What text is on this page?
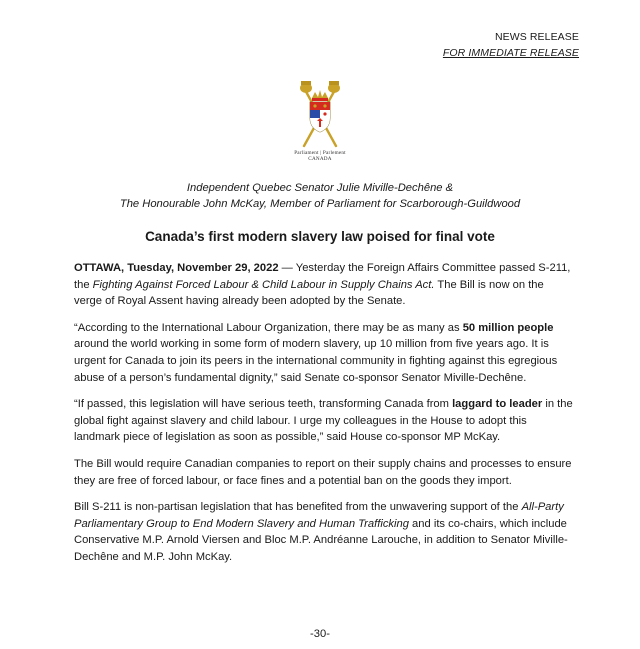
NEWS RELEASE
FOR IMMEDIATE RELEASE
Parliament | Parlement
CANADA
Independent Quebec Senator Julie Miville-Dechêne &
The Honourable John McKay, Member of Parliament for Scarborough-Guildwood
Canada’s first modern slavery law poised for final vote

OTTAWA, Tuesday, November 29, 2022 — Yesterday the Foreign Affairs Committee passed S-211, the Fighting Against Forced Labour & Child Labour in Supply Chains Act. The Bill is now on the verge of Royal Assent having already been adopted by the Senate.

“According to the International Labour Organization, there may be as many as 50 million people around the world working in some form of modern slavery, up 10 million from five years ago. It is urgent for Canada to join its peers in the international community in fighting against this egregious abuse of a person’s fundamental dignity,” said Senate co-sponsor Senator Miville-Dechêne.

“If passed, this legislation will have serious teeth, transforming Canada from laggard to leader in the global fight against slavery and child labour. I urge my colleagues in the House to adopt this landmark piece of legislation as soon as possible,” said House co-sponsor MP McKay.

The Bill would require Canadian companies to report on their supply chains and processes to ensure they are free of forced labour, or face fines and a potential ban on the goods they import.

Bill S-211 is non-partisan legislation that has benefited from the unwavering support of the All-Party Parliamentary Group to End Modern Slavery and Human Trafficking and its co-chairs, which include Conservative M.P. Arnold Viersen and Bloc M.P. Andréanne Larouche, in addition to Senator Miville-Dechêne and M.P. John McKay.

-30-
